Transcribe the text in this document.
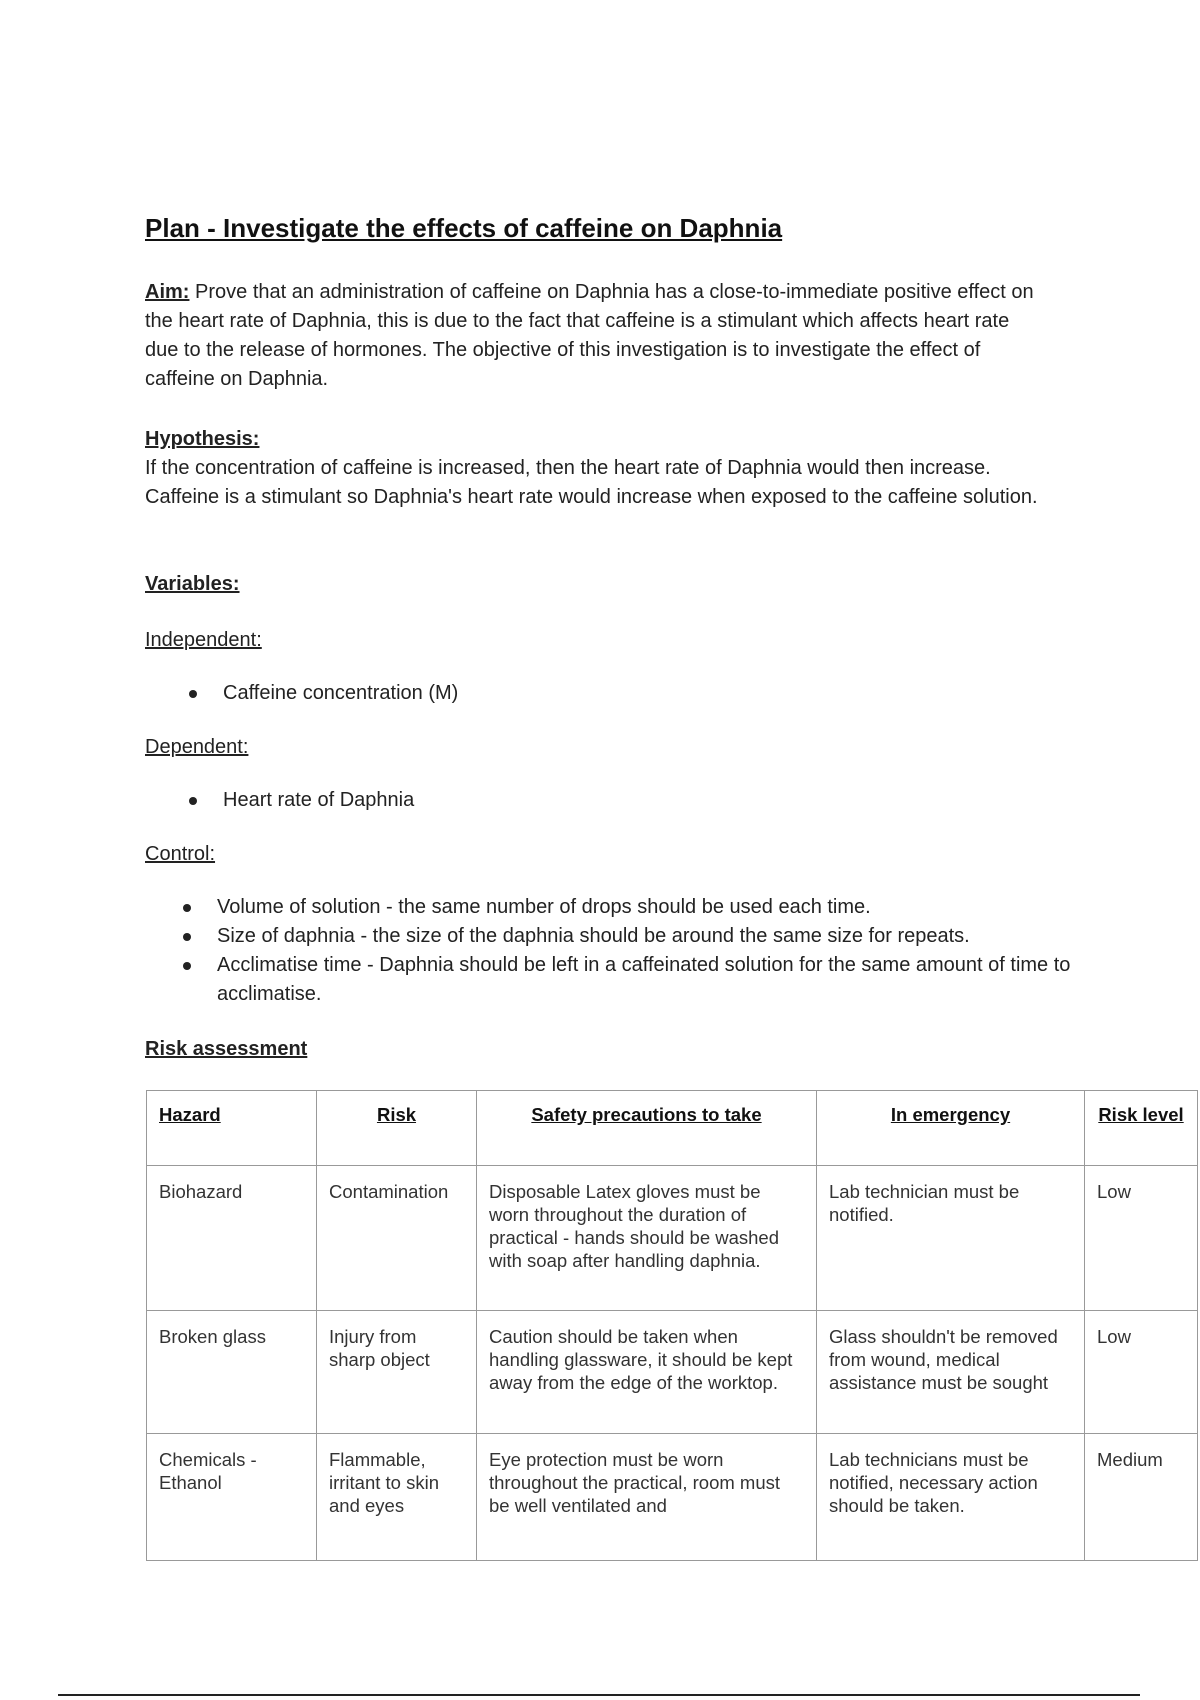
Plan - Investigate the effects of caffeine on Daphnia
Aim: Prove that an administration of caffeine on Daphnia has a close-to-immediate positive effect on the heart rate of Daphnia, this is due to the fact that caffeine is a stimulant which affects heart rate due to the release of hormones. The objective of this investigation is to investigate the effect of caffeine on Daphnia.
Hypothesis:
If the concentration of caffeine is increased, then the heart rate of Daphnia would then increase. Caffeine is a stimulant so Daphnia's heart rate would increase when exposed to the caffeine solution.
Variables:
Independent:
Caffeine concentration (M)
Dependent:
Heart rate of Daphnia
Control:
Volume of solution - the same number of drops should be used each time.
Size of daphnia - the size of the daphnia should be around the same size for repeats.
Acclimatise time - Daphnia should be left in a caffeinated solution for the same amount of time to acclimatise.
Risk assessment
Hazard	Risk	Safety precautions to take	In emergency	Risk level
Biohazard	Contamination	Disposable Latex gloves must be worn throughout the duration of practical - hands should be washed with soap after handling daphnia.	Lab technician must be notified.	Low
Broken glass	Injury from sharp object	Caution should be taken when handling glassware, it should be kept away from the edge of the worktop.	Glass shouldn't be removed from wound, medical assistance must be sought	Low
Chemicals - Ethanol	Flammable, irritant to skin and eyes	Eye protection must be worn throughout the practical, room must be well ventilated and	Lab technicians must be notified, necessary action should be taken.	Medium
